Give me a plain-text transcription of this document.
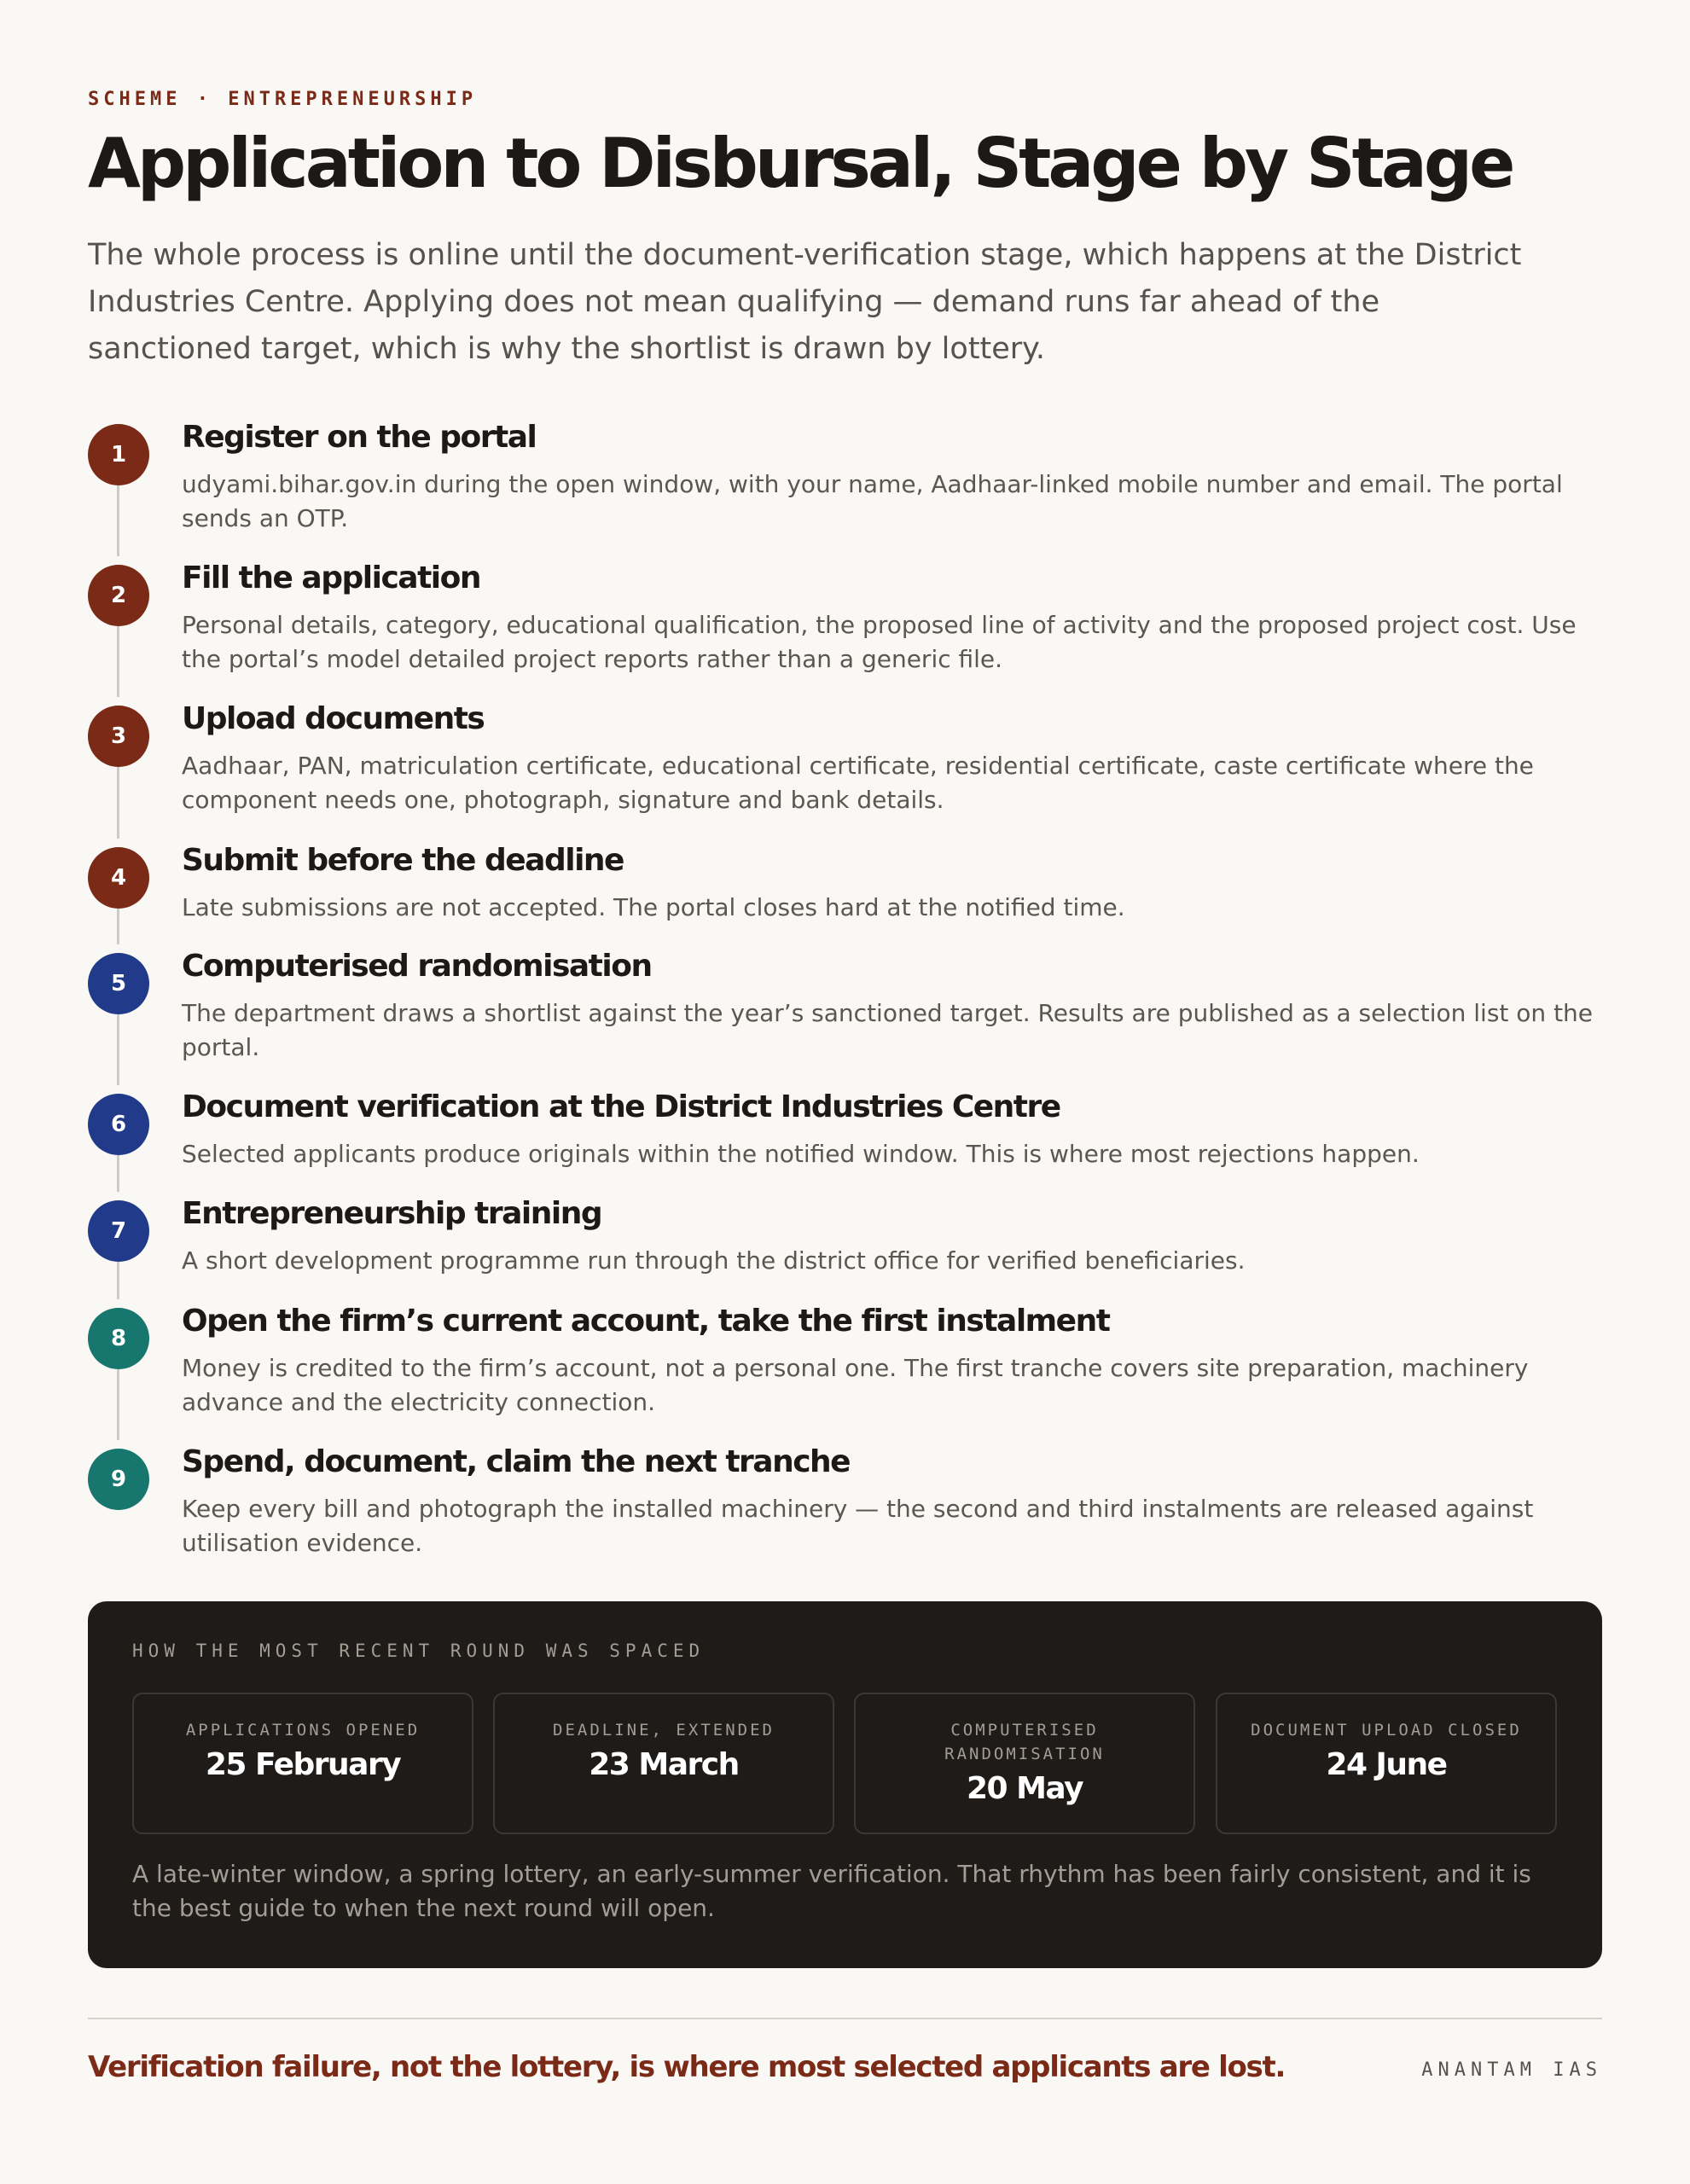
SCHEME · ENTREPRENEURSHIP
Application to Disbursal, Stage by Stage

The whole process is online until the document-verification stage, which happens at the District Industries Centre. Applying does not mean qualifying — demand runs far ahead of the sanctioned target, which is why the shortlist is drawn by lottery.

1	Register on the portal
udyami.bihar.gov.in during the open window, with your name, Aadhaar-linked mobile number and email. The portal sends an OTP.
2	Fill the application
Personal details, category, educational qualification, the proposed line of activity and the proposed project cost. Use the portal’s model detailed project reports rather than a generic file.
3	Upload documents
Aadhaar, PAN, matriculation certificate, educational certificate, residential certificate, caste certificate where the component needs one, photograph, signature and bank details.
4	Submit before the deadline
Late submissions are not accepted. The portal closes hard at the notified time.
5	Computerised randomisation
The department draws a shortlist against the year’s sanctioned target. Results are published as a selection list on the portal.
6	Document verification at the District Industries Centre
Selected applicants produce originals within the notified window. This is where most rejections happen.
7	Entrepreneurship training
A short development programme run through the district office for verified beneficiaries.
8	Open the firm’s current account, take the first instalment
Money is credited to the firm’s account, not a personal one. The first tranche covers site preparation, machinery advance and the electricity connection.
9	Spend, document, claim the next tranche
Keep every bill and photograph the installed machinery — the second and third instalments are released against utilisation evidence.
HOW THE MOST RECENT ROUND WAS SPACED
APPLICATIONS OPENED
25 February
DEADLINE, EXTENDED
23 March
COMPUTERISED RANDOMISATION
20 May
DOCUMENT UPLOAD CLOSED
24 June

A late-winter window, a spring lottery, an early-summer verification. That rhythm has been fairly consistent, and it is the best guide to when the next round will open.

Verification failure, not the lottery, is where most selected applicants are lost.	ANANTAM IAS
